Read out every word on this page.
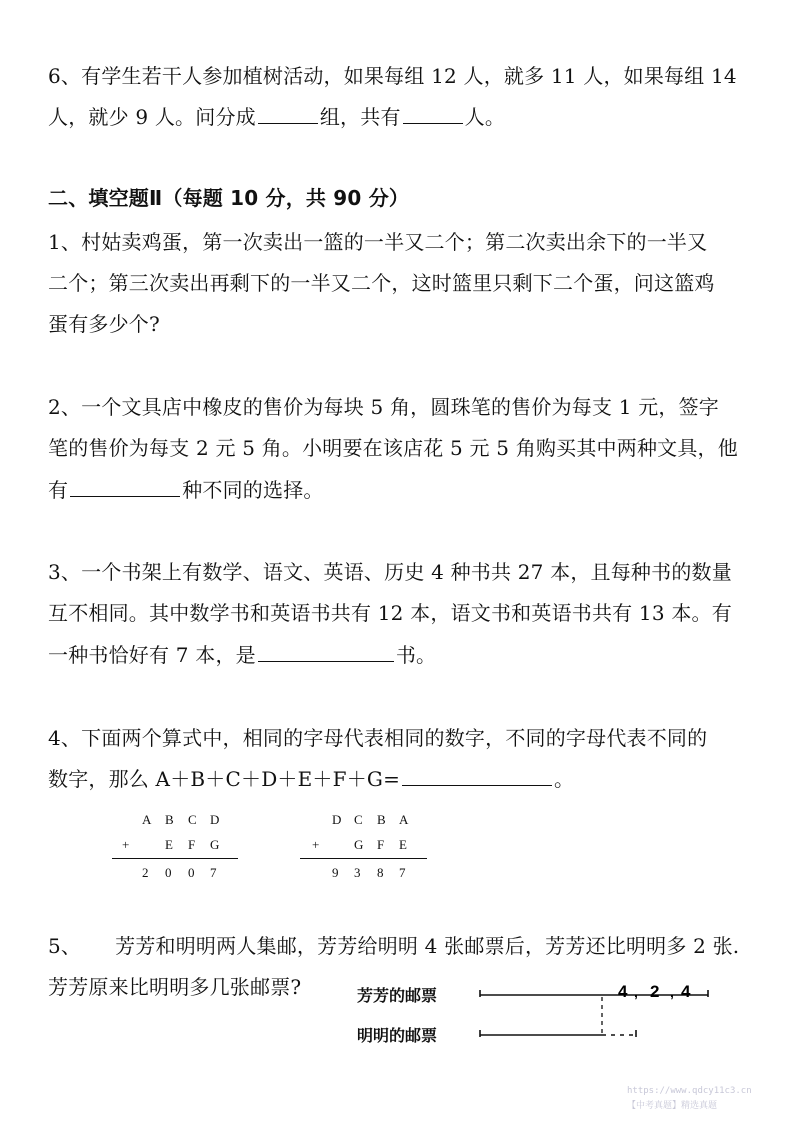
6、有学生若干人参加植树活动，如果每组 12 人，就多 11 人，如果每组 14
人，就少 9 人。问分成	组，共有	人。
二、填空题Ⅱ（每题 10 分，共 90 分）
1、村姑卖鸡蛋，第一次卖出一篮的一半又二个；第二次卖出余下的一半又
二个；第三次卖出再剩下的一半又二个，这时篮里只剩下二个蛋，问这篮鸡
蛋有多少个?
2、一个文具店中橡皮的售价为每块 5 角，圆珠笔的售价为每支 1 元，签字
笔的售价为每支 2 元 5 角。小明要在该店花 5 元 5 角购买其中两种文具，他
有	种不同的选择。
3、一个书架上有数学、语文、英语、历史 4 种书共 27 本，且每种书的数量
互不相同。其中数学书和英语书共有 12 本，语文书和英语书共有 13 本。有
一种书恰好有 7 本，是	书。
4、下面两个算式中，相同的字母代表相同的数字，不同的字母代表不同的
数字，那么 A＋B＋C＋D＋E＋F＋G=	。
A B C D
+	E F G
2 0 0 7
D C B A
+	G F E
9 3 8 7
5、 芳芳和明明两人集邮，芳芳给明明 4 张邮票后，芳芳还比明明多 2 张.
芳芳原来比明明多几张邮票?	芳芳的邮票
明明的邮票
, ,
4 2 4
https://www.qdcy11c3.cn
【中考真题】精选真题
